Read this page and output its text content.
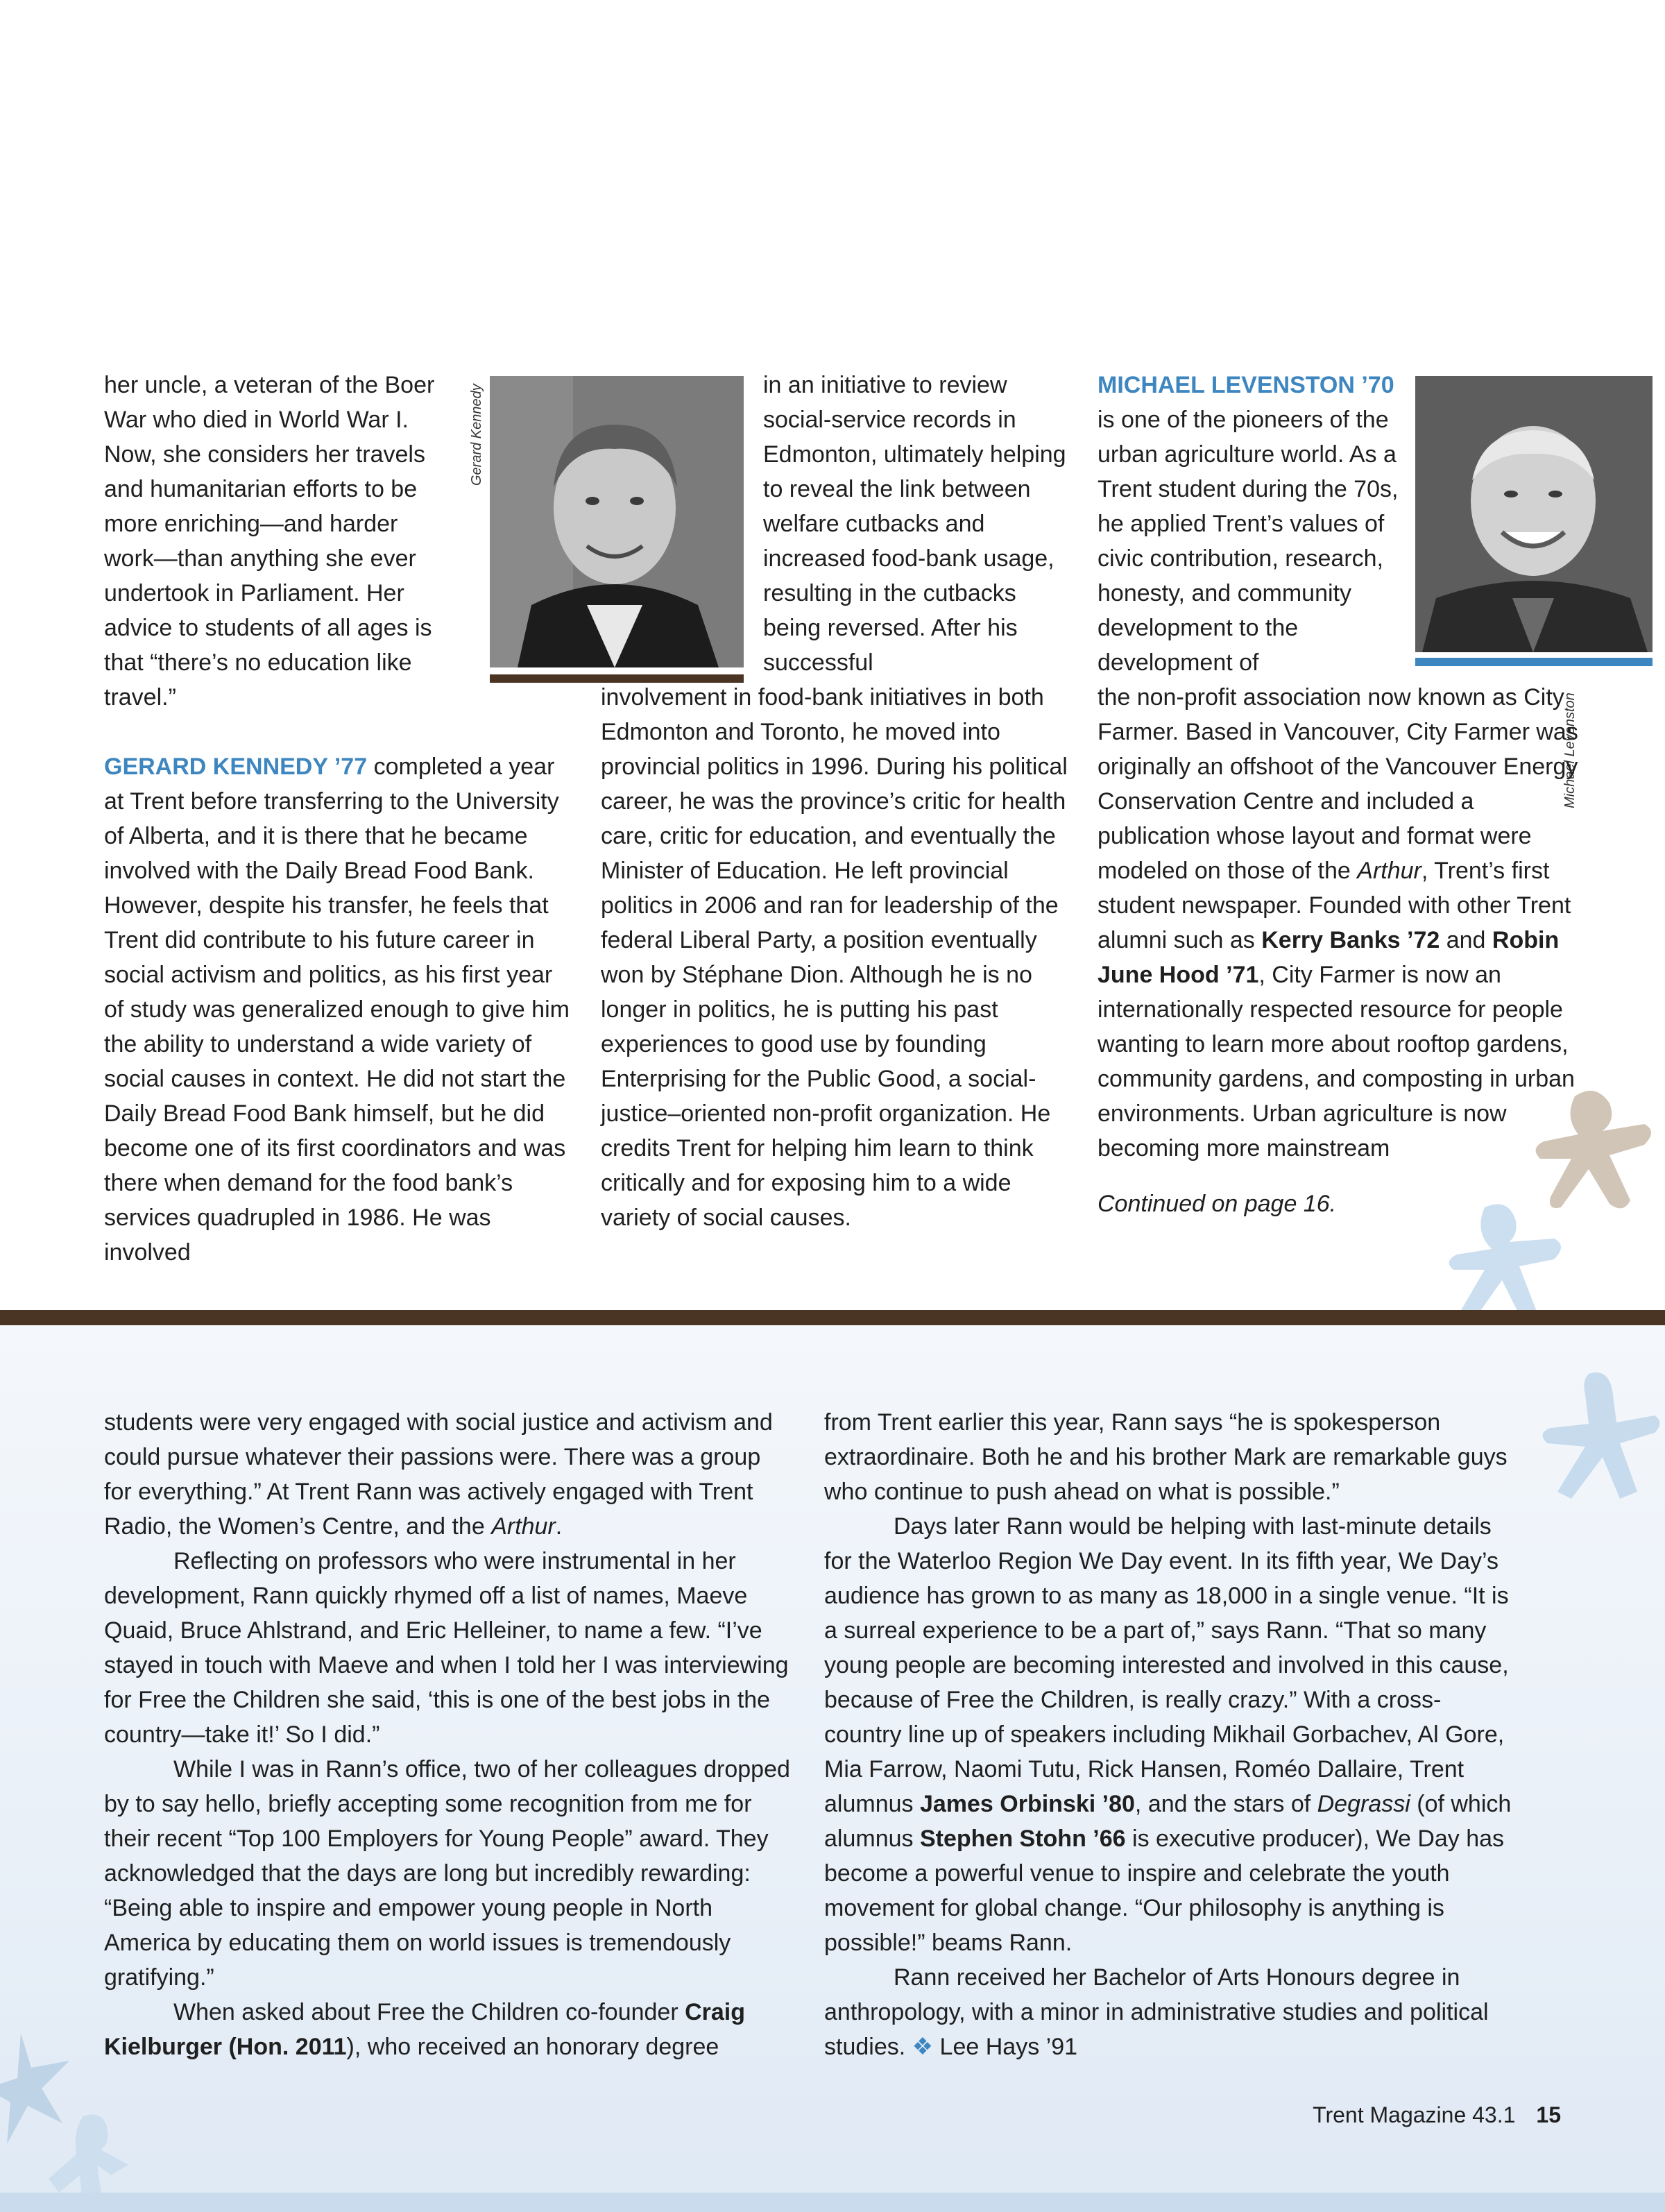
her uncle, a veteran of the Boer War who died in World War I. Now, she considers her travels and humanitarian efforts to be more enriching—and harder work—than anything she ever undertook in Parliament. Her advice to students of all ages is that “there’s no education like travel.”

GERARD KENNEDY ’77 completed a year at Trent before transferring to the University of Alberta, and it is there that he became involved with the Daily Bread Food Bank. However, despite his transfer, he feels that Trent did contribute to his future career in social activism and politics, as his first year of study was generalized enough to give him the ability to understand a wide variety of social causes in context. He did not start the Daily Bread Food Bank himself, but he did become one of its first coordinators and was there when demand for the food bank’s services quadrupled in 1986. He was involved

Gerard Kennedy	in an initiative to review social-service records in Edmonton, ultimately helping to reveal the link between welfare cutbacks and increased food-bank usage, resulting in the cutbacks being reversed. After his successful

involvement in food-bank initiatives in both Edmonton and Toronto, he moved into provincial politics in 1996. During his political career, he was the province’s critic for health care, critic for education, and eventually the Minister of Education. He left provincial politics in 2006 and ran for leadership of the federal Liberal Party, a position eventually won by Stéphane Dion. Although he is no longer in politics, he is putting his past experiences to good use by founding Enterprising for the Public Good, a social-justice–oriented non-profit organization. He credits Trent for helping him learn to think critically and for exposing him to a wide variety of social causes.

MICHAEL LEVENSTON ’70
is one of the pioneers of the urban agriculture world. As a Trent student during the 70s, he applied Trent’s values of civic contribution, research, honesty, and community development to the development of

Michael Levenston

the non-profit association now known as City Farmer. Based in Vancouver, City Farmer was originally an offshoot of the Vancouver Energy Conservation Centre and included a publication whose layout and format were modeled on those of the Arthur, Trent’s first student newspaper. Founded with other Trent alumni such as Kerry Banks ’72 and Robin June Hood ’71, City Farmer is now an internationally respected resource for people wanting to learn more about rooftop gardens, community gardens, and composting in urban environments. Urban agriculture is now becoming more mainstream

Continued on page 16.

students were very engaged with social justice and activism and could pursue whatever their passions were. There was a group for everything.” At Trent Rann was actively engaged with Trent Radio, the Women’s Centre, and the Arthur.

Reflecting on professors who were instrumental in her development, Rann quickly rhymed off a list of names, Maeve Quaid, Bruce Ahlstrand, and Eric Helleiner, to name a few. “I’ve stayed in touch with Maeve and when I told her I was interviewing for Free the Children she said, ‘this is one of the best jobs in the country—take it!’ So I did.”

While I was in Rann’s office, two of her colleagues dropped by to say hello, briefly accepting some recognition from me for their recent “Top 100 Employers for Young People” award. They acknowledged that the days are long but incredibly rewarding: “Being able to inspire and empower young people in North America by educating them on world issues is tremendously gratifying.”

When asked about Free the Children co-founder Craig Kielburger (Hon. 2011), who received an honorary degree

from Trent earlier this year, Rann says “he is spokesperson extraordinaire. Both he and his brother Mark are remarkable guys who continue to push ahead on what is possible.”

Days later Rann would be helping with last-minute details for the Waterloo Region We Day event. In its fifth year, We Day’s audience has grown to as many as 18,000 in a single venue. “It is a surreal experience to be a part of,” says Rann. “That so many young people are becoming interested and involved in this cause, because of Free the Children, is really crazy.” With a cross-country line up of speakers including Mikhail Gorbachev, Al Gore, Mia Farrow, Naomi Tutu, Rick Hansen, Roméo Dallaire, Trent alumnus James Orbinski ’80, and the stars of Degrassi (of which alumnus Stephen Stohn ’66 is executive producer), We Day has become a powerful venue to inspire and celebrate the youth movement for global change. “Our philosophy is anything is possible!” beams Rann.

Rann received her Bachelor of Arts Honours degree in anthropology, with a minor in administrative studies and political studies. ❖ Lee Hays ’91

Trent Magazine 43.1 15
